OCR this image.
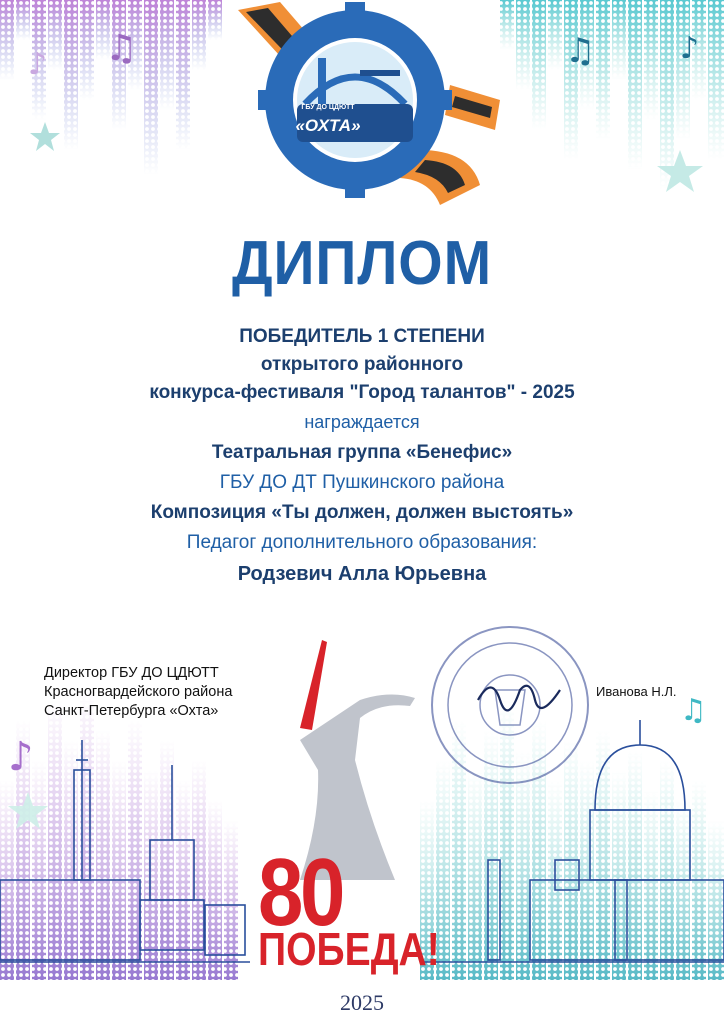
♪ ♫	♫	♪
♪
♫
ГБУ ДО ЦДЮТТ
«ОХТА»
ДИПЛОМ
ПОБЕДИТЕЛЬ 1 СТЕПЕНИ
открытого районного
конкурса-фестиваля "Город талантов" - 2025
награждается
Театральная группа «Бенефис»
ГБУ ДО ДТ Пушкинского района
Композиция «Ты должен, должен выстоять»
Педагог дополнительного образования:
Родзевич Алла Юрьевна
Директор ГБУ ДО ЦДЮТТ
Красногвардейского района
Санкт-Петербурга «Охта»
Иванова Н.Л.
80
ПОБЕДА!
2025
